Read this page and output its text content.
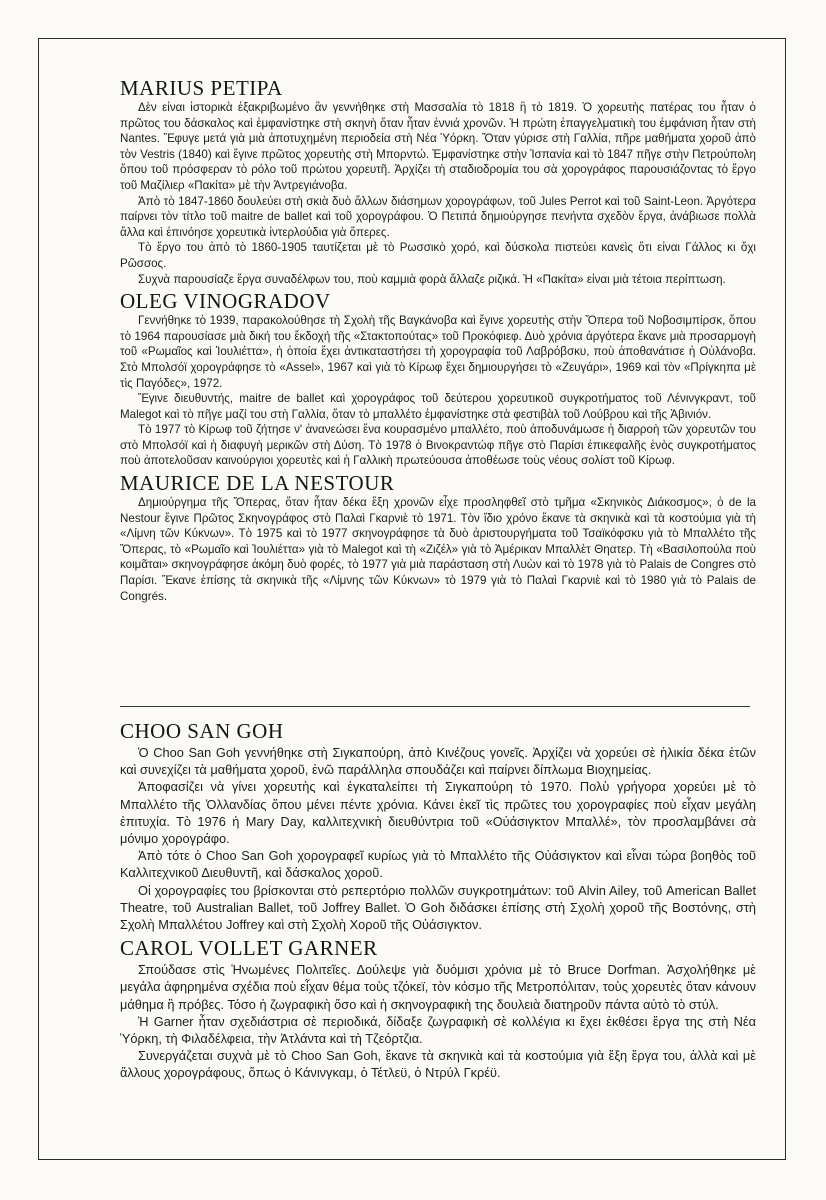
MARIUS PETIPA

Δὲν εἰναι ἱστορικὰ ἐξακριβωμένο ἂν γεννήθηκε στὴ Μασσαλία τὸ 1818 ἢ τὸ 1819. Ὁ χορευτὴς πατέρας του ἦταν ὁ πρῶτος του δάσκαλος καὶ ἐμφανίστηκε στὴ σκηνὴ ὅταν ἦταν ἐννιά χρονῶν. Ἡ πρώτη ἐπαγγελματικὴ του ἐμφάνιση ἦταν στὴ Nantes. Ἔφυγε μετά γιὰ μιὰ ἀποτυχημένη περιοδεία στὴ Νέα Ὑόρκη. Ὅταν γύρισε στὴ Γαλλία, πῆρε μαθήματα χοροῦ ἀπὸ τὸν Vestris (1840) καὶ ἔγινε πρῶτος χορευτὴς στὴ Μπορντώ. Ἐμφανίστηκε στὴν Ἱσπανία καὶ τὸ 1847 πῆγε στὴν Πετρούπολη ὅπου τοῦ πρόσφεραν τὸ ρόλο τοῦ πρώτου χορευτῆ. Ἀρχίζει τὴ σταδιοδρομία του σὰ χορογράφος παρουσιάζοντας τὸ ἔργο τοῦ Μαζίλιερ «Πακίτα» μὲ τὴν Ἀντρεγιάνοβα.

Ἀπὸ τὸ 1847-1860 δουλεύει στὴ σκιὰ δυὸ ἄλλων διάσημων χορογράφων, τοῦ Jules Perrot καὶ τοῦ Saint-Leon. Ἀργότερα παίρνει τὸν τίτλο τοῦ maitre de ballet καὶ τοῦ χορογράφου. Ὁ Πετιπά δημιούργησε πενήντα σχεδὸν ἔργα, ἀνάβιωσε πολλὰ ἄλλα καὶ ἐπινόησε χορευτικὰ ἰντερλούδια γιὰ ὄπερες.

Τὸ ἔργο του ἀπὸ τὸ 1860-1905 ταυτίζεται μὲ τὸ Ρωσσικὸ χορό, καὶ δύσκολα πιστεύει κανεὶς ὅτι εἰναι Γάλλος κι ὄχι Ρῶσσος.

Συχνὰ παρουσίαζε ἔργα συναδέλφων του, ποὺ καμμιὰ φορὰ ἄλλαζε ριζικά. Ἡ «Πακίτα» εἰναι μιὰ τέτοια περίπτωση.

OLEG VINOGRADOV

Γεννήθηκε τὸ 1939, παρακολούθησε τὴ Σχολὴ τῆς Βαγκάνοβα καὶ ἔγινε χορευτὴς στὴν Ὄπερα τοῦ Νοβοσιμπίρσκ, ὅπου τὸ 1964 παρουσίασε μιὰ δική του ἔκδοχή τῆς «Στακτοπούτας» τοῦ Προκόφιεφ. Δυὸ χρόνια ἀργότερα ἔκανε μιὰ προσαρμογὴ τοῦ «Ρωμαῖος καὶ Ἰουλιέττα», ἡ ὁποία ἔχει ἀντικαταστήσει τὴ χορογραφία τοῦ Λαβρόβσκυ, ποὺ ἀποθανάτισε ἡ Οὐλάνοβα. Στὸ Μπολσόϊ χορογράφησε τὸ «Assel», 1967 καὶ γιὰ τὸ Κίρωφ ἔχει δημιουργήσει τὸ «Ζευγάρι», 1969 καὶ τὸν «Πρίγκηπα μὲ τὶς Παγόδες», 1972.

Ἔγινε διευθυντής, maitre de ballet καὶ χορογράφος τοῦ δεύτερου χορευτικοῦ συγκροτήματος τοῦ Λένινγκραντ, τοῦ Malegot καὶ τὸ πῆγε μαζί του στὴ Γαλλία, ὅταν τὸ μπαλλέτο ἐμφανίστηκε στὰ φεστιβὰλ τοῦ Λούβρου καὶ τῆς Ἀβινιόν.

Τὸ 1977 τὸ Κίρωφ τοῦ ζήτησε ν' ἀνανεώσει ἕνα κουρασμένο μπαλλέτο, ποὺ ἀποδυνάμωσε ἡ διαρροὴ τῶν χορευτῶν του στὸ Μπολσόϊ καὶ ἡ διαφυγὴ μερικῶν στὴ Δύση. Τὸ 1978 ὁ Βινοκραντώφ πῆγε στὸ Παρίσι ἐπικεφαλῆς ἑνὸς συγκροτήματος ποὺ ἀποτελοῦσαν καινούργιοι χορευτὲς καὶ ἡ Γαλλικὴ πρωτεύουσα ἀποθέωσε τοὺς νέους σολίστ τοῦ Κίρωφ.

MAURICE DE LA NESTOUR

Δημιούργημα τῆς Ὄπερας, ὅταν ἦταν δέκα ἕξη χρονῶν εἶχε προσληφθεῖ στὸ τμῆμα «Σκηνικὸς Διάκοσμος», ὁ de la Nestour ἔγινε Πρῶτος Σκηνογράφος στὸ Παλαὶ Γκαρνιὲ τὸ 1971. Τὸν ἴδιο χρόνο ἔκανε τὰ σκηνικὰ καὶ τὰ κοστούμια γιὰ τὴ «Λίμνη τῶν Κύκνων». Τὸ 1975 καὶ τὸ 1977 σκηνογράφησε τὰ δυὸ ἀριστουργήματα τοῦ Τσαϊκόφσκυ γιὰ τὸ Μπαλλέτο τῆς Ὄπερας, τὸ «Ρωμαῖο καὶ Ἰουλιέττα» γιὰ τὸ Malegot καὶ τὴ «Ζιζέλ» γιὰ τὸ Ἀμέρικαν Μπαλλὲτ Θηατερ. Τὴ «Βασιλοπούλα ποὺ κοιμᾶται» σκηνογράφησε ἀκόμη δυὸ φορές, τὸ 1977 γιὰ μιὰ παράσταση στὴ Λυὼν καὶ τὸ 1978 γιὰ τὸ Palais de Congres στὸ Παρίσι. Ἔκανε ἐπίσης τὰ σκηνικὰ τῆς «Λίμνης τῶν Κύκνων» τὸ 1979 γιὰ τὸ Παλαὶ Γκαρνιὲ καὶ τὸ 1980 γιὰ τὸ Palais de Congrés.

CHOO SAN GOH

Ὁ Choo San Goh γεννήθηκε στὴ Σιγκαπούρη, ἀπὸ Κινέζους γονεῖς. Ἀρχίζει νὰ χορεύει σὲ ἡλικία δέκα ἐτῶν καὶ συνεχίζει τὰ μαθήματα χοροῦ, ἐνῶ παράλληλα σπουδάζει καὶ παίρνει δίπλωμα Βιοχημείας.

Ἀποφασίζει νὰ γίνει χορευτὴς καὶ ἐγκαταλείπει τὴ Σιγκαπούρη τὸ 1970. Πολὺ γρήγορα χορεύει μὲ τὸ Μπαλλέτο τῆς Ὁλλανδίας ὅπου μένει πέντε χρόνια. Κάνει ἐκεῖ τὶς πρῶτες του χορογραφίες ποὺ εἶχαν μεγάλη ἐπιτυχία. Τὸ 1976 ἡ Mary Day, καλλιτεχνικὴ διευθύντρια τοῦ «Οὐάσιγκτον Μπαλλέ», τὸν προσλαμβάνει σὰ μόνιμο χορογράφο.

Ἀπὸ τότε ὁ Choo San Goh χορογραφεῖ κυρίως γιὰ τὸ Μπαλλέτο τῆς Οὐάσιγκτον καὶ εἶναι τώρα βοηθὸς τοῦ Καλλιτεχνικοῦ Διευθυντῆ, καὶ δάσκαλος χοροῦ.

Οἱ χορογραφίες του βρίσκονται στὸ ρεπερτόριο πολλῶν συγκροτημάτων: τοῦ Alvin Ailey, τοῦ American Ballet Theatre, τοῦ Australian Ballet, τοῦ Joffrey Ballet. Ὁ Goh διδάσκει ἐπίσης στὴ Σχολὴ χοροῦ τῆς Βοστόνης, στὴ Σχολὴ Μπαλλέτου Joffrey καὶ στὴ Σχολὴ Χοροῦ τῆς Οὐάσιγκτον.

CAROL VOLLET GARNER

Σπούδασε στὶς Ἡνωμένες Πολιτεῖες. Δούλεψε γιὰ δυόμισι χρόνια μὲ τὸ Bruce Dorfman. Ἀσχολήθηκε μὲ μεγάλα ἀφηρημένα σχέδια ποὺ εἶχαν θέμα τοὺς τζόκεϊ, τὸν κόσμο τῆς Μετροπόλιταν, τοὺς χορευτὲς ὅταν κάνουν μάθημα ἢ πρόβες. Τόσο ἡ ζωγραφικὴ ὅσο καὶ ἡ σκηνογραφικὴ της δουλειὰ διατηροῦν πάντα αὐτὸ τὸ στύλ.

Ἡ Garner ἦταν σχεδιάστρια σὲ περιοδικά, δίδαξε ζωγραφικὴ σὲ κολλέγια κι ἔχει ἐκθέσει ἔργα της στὴ Νέα Ὑόρκη, τὴ Φιλαδέλφεια, τὴν Ἀτλάντα καὶ τὴ Τζεόρτζια.

Συνεργάζεται συχνὰ μὲ τὸ Choo San Goh, ἔκανε τὰ σκηνικὰ καὶ τὰ κοστούμια γιὰ ἕξη ἔργα του, ἀλλὰ καὶ μὲ ἄλλους χορογράφους, ὅπως ὁ Κάνινγκαμ, ὁ Τέτλεϋ, ὁ Ντρύλ Γκρέϋ.
